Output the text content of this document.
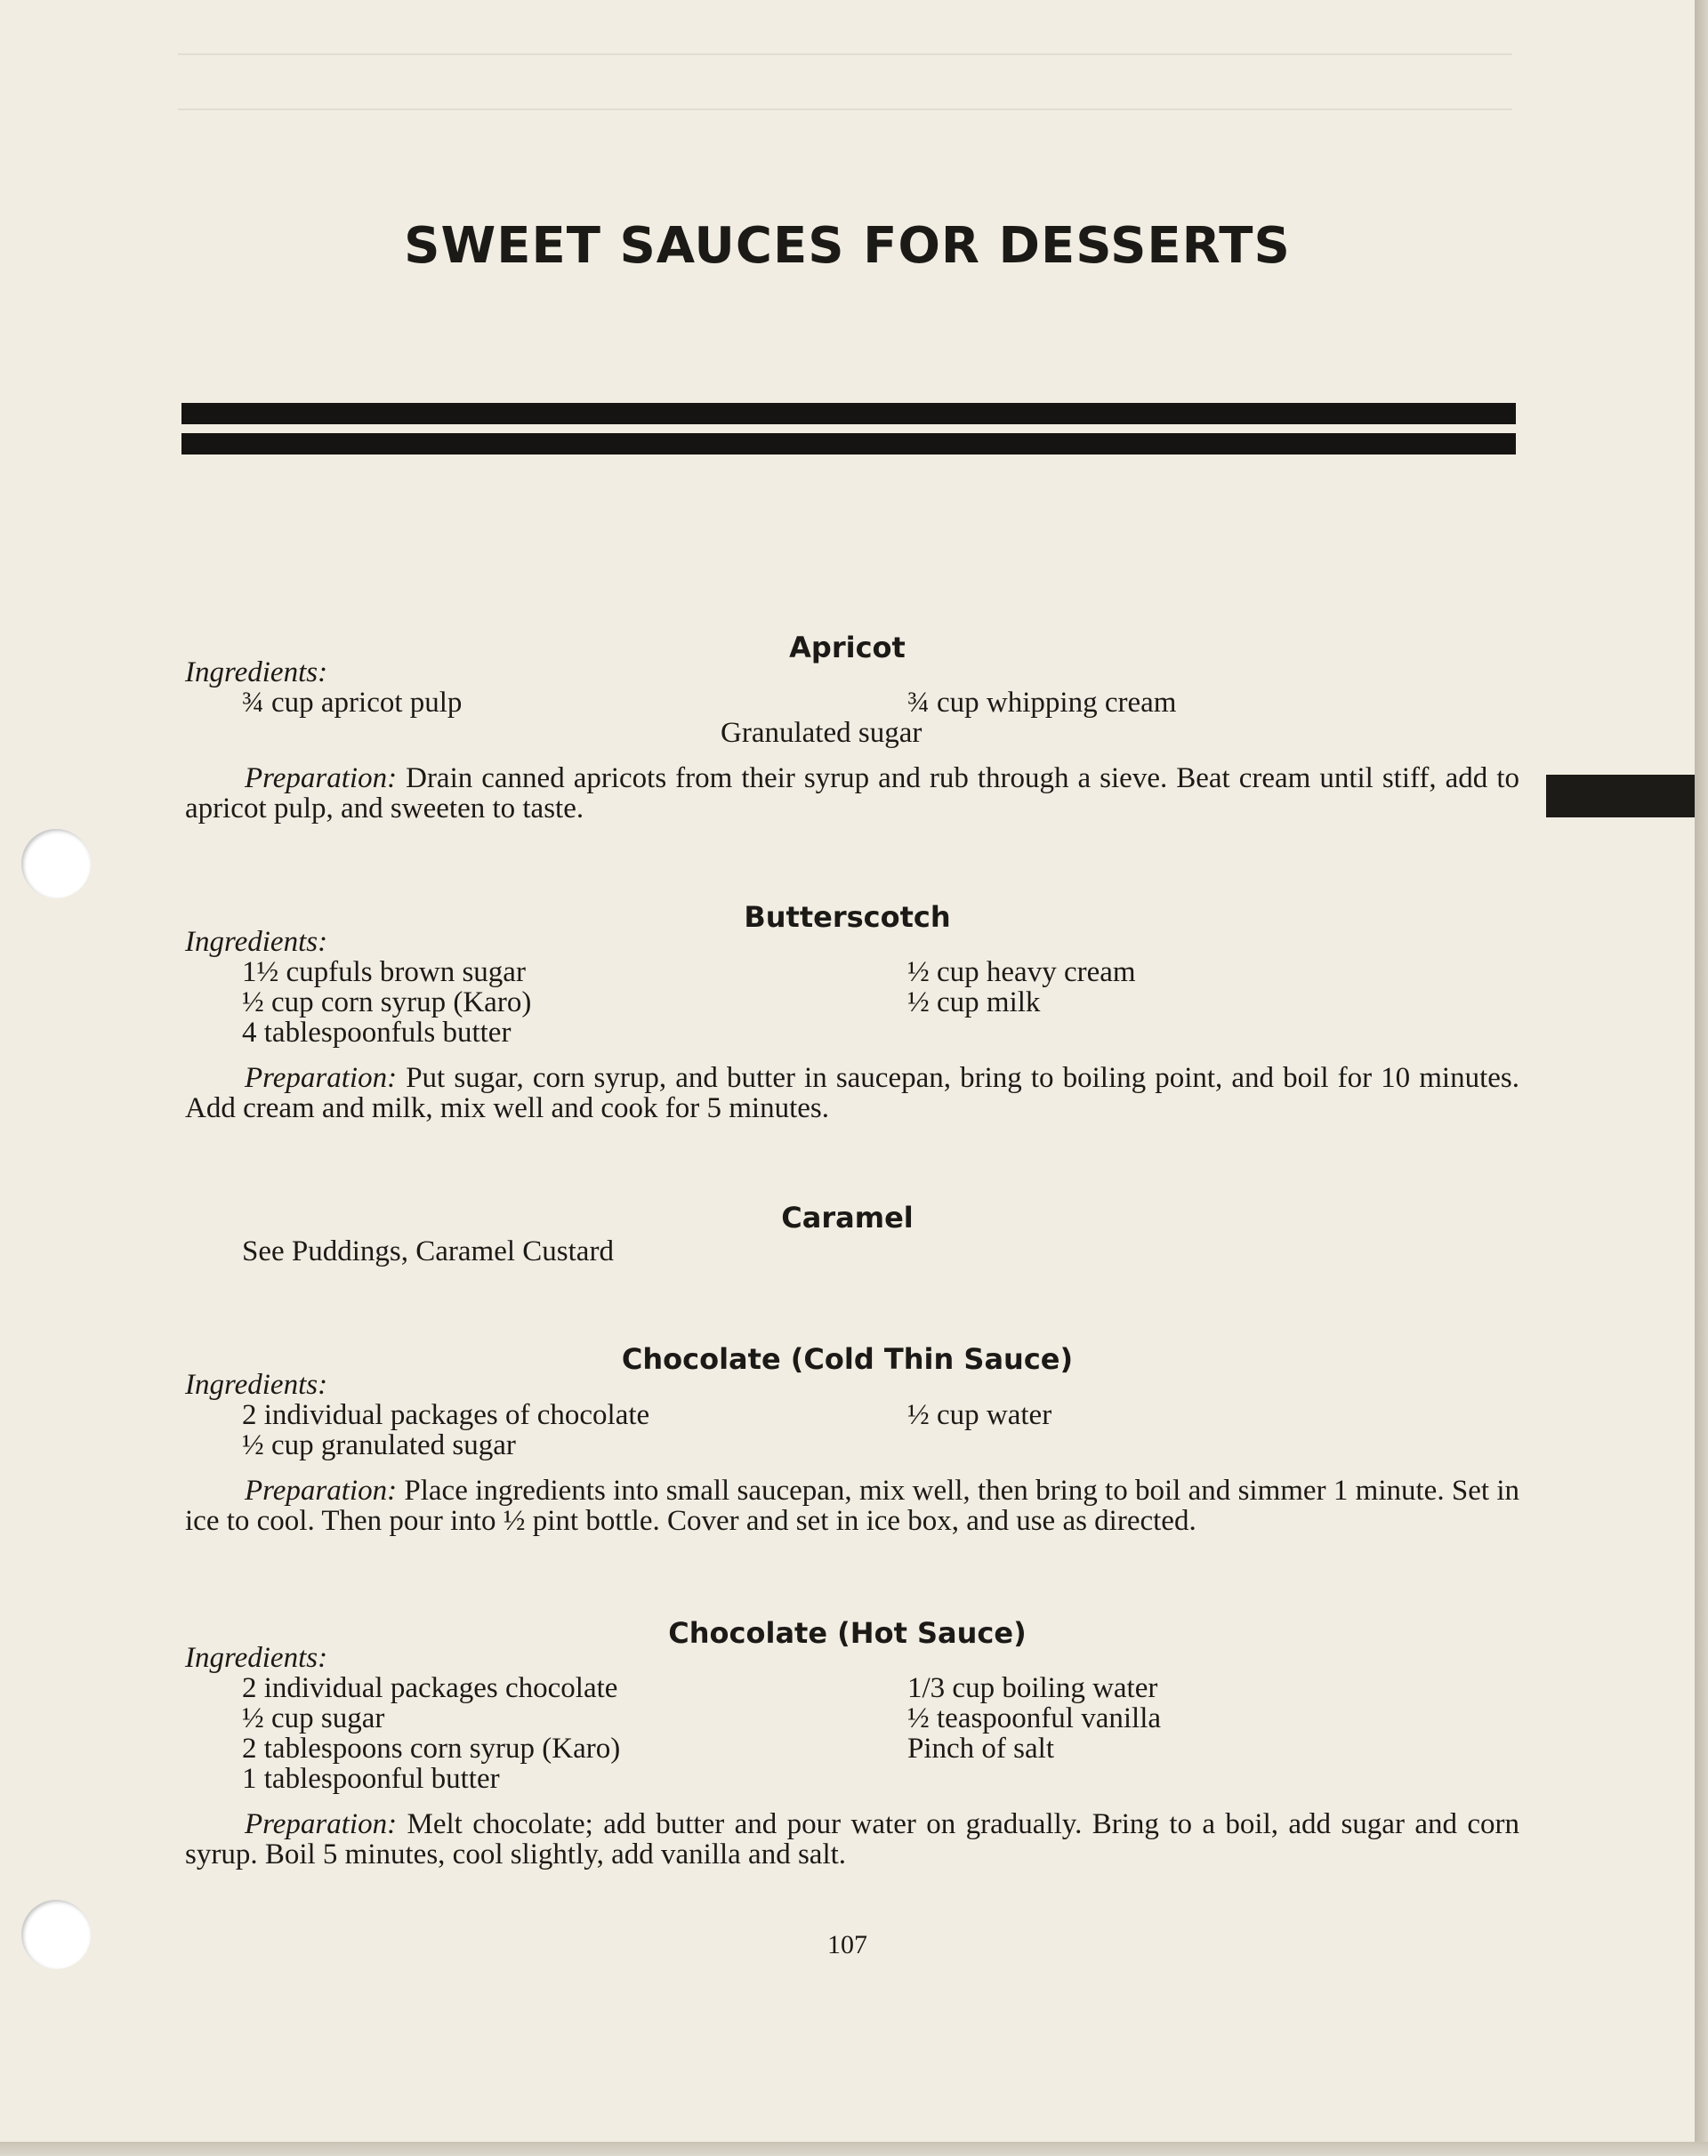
SWEET SAUCES FOR DESSERTS
Apricot

Ingredients:

¾ cup apricot pulp	¾ cup whipping cream

Granulated sugar

Preparation: Drain canned apricots from their syrup and rub through a sieve. Beat cream until stiff, add to apricot pulp, and sweeten to taste.

Butterscotch

Ingredients:

1½ cupfuls brown sugar

½ cup corn syrup (Karo)

4 tablespoonfuls butter

½ cup heavy cream

½ cup milk

Preparation: Put sugar, corn syrup, and butter in saucepan, bring to boiling point, and boil for 10 minutes. Add cream and milk, mix well and cook for 5 minutes.

Caramel

See Puddings, Caramel Custard

Chocolate (Cold Thin Sauce)

Ingredients:

2 individual packages of chocolate

½ cup granulated sugar

½ cup water

Preparation: Place ingredients into small saucepan, mix well, then bring to boil and simmer 1 minute. Set in ice to cool. Then pour into ½ pint bottle. Cover and set in ice box, and use as directed.

Chocolate (Hot Sauce)

Ingredients:

2 individual packages chocolate

½ cup sugar

2 tablespoons corn syrup (Karo)

1 tablespoonful butter

1/3 cup boiling water

½ teaspoonful vanilla

Pinch of salt

Preparation: Melt chocolate; add butter and pour water on gradually. Bring to a boil, add sugar and corn syrup. Boil 5 minutes, cool slightly, add vanilla and salt.

107
